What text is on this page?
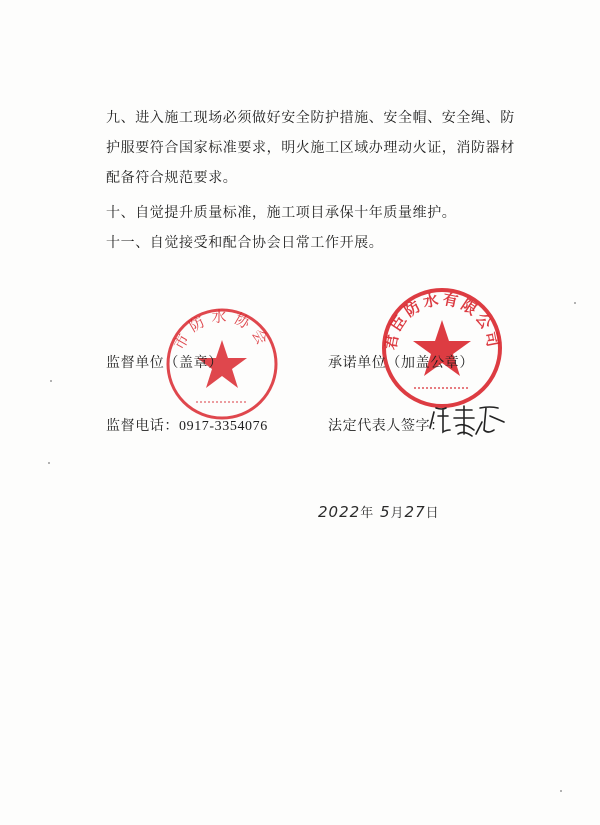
九、进入施工现场必须做好安全防护措施、安全帽、安全绳、防护服要符合国家标准要求，明火施工区域办理动火证，消防器材配备符合规范要求。

十、自觉提升质量标准，施工项目承保十年质量维护。

十一、自觉接受和配合协会日常工作开展。

市防水协会	君臣防水有限公司
监督单位（盖章）	承诺单位（加盖公章）
监督电话：0917-3354076	法定代表人签字：
2022年 5月27日
